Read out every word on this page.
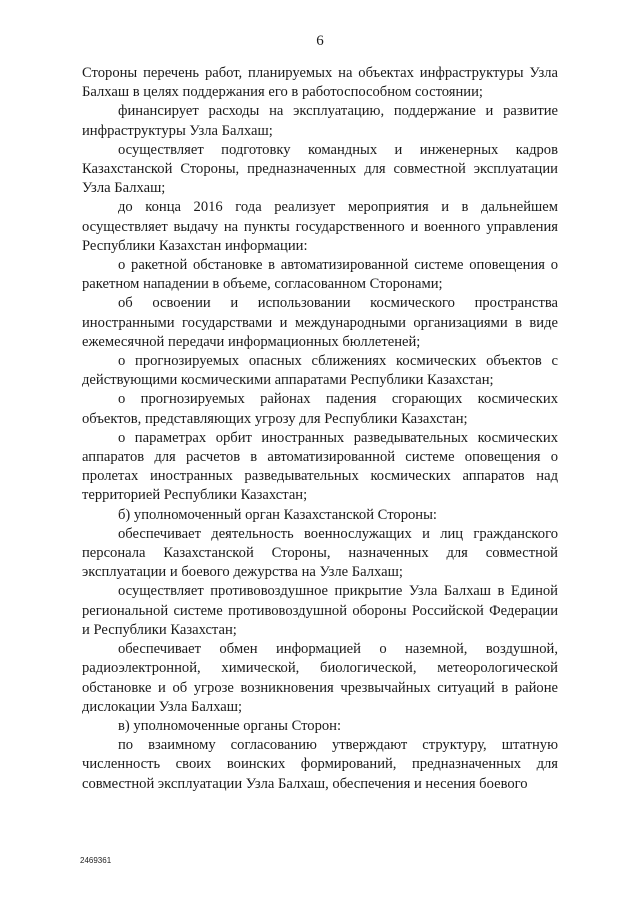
6

Стороны перечень работ, планируемых на объектах инфраструктуры Узла Балхаш в целях поддержания его в работоспособном состоянии;

финансирует расходы на эксплуатацию, поддержание и развитие инфраструктуры Узла Балхаш;

осуществляет подготовку командных и инженерных кадров Казахстанской Стороны, предназначенных для совместной эксплуатации Узла Балхаш;

до конца 2016 года реализует мероприятия и в дальнейшем осуществляет выдачу на пункты государственного и военного управления Республики Казахстан информации:

о ракетной обстановке в автоматизированной системе оповещения о ракетном нападении в объеме, согласованном Сторонами;

об освоении и использовании космического пространства иностранными государствами и международными организациями в виде ежемесячной передачи информационных бюллетеней;

о прогнозируемых опасных сближениях космических объектов с действующими космическими аппаратами Республики Казахстан;

о прогнозируемых районах падения сгорающих космических объектов, представляющих угрозу для Республики Казахстан;

о параметрах орбит иностранных разведывательных космических аппаратов для расчетов в автоматизированной системе оповещения о пролетах иностранных разведывательных космических аппаратов над территорией Республики Казахстан;

б) уполномоченный орган Казахстанской Стороны:

обеспечивает деятельность военнослужащих и лиц гражданского персонала Казахстанской Стороны, назначенных для совместной эксплуатации и боевого дежурства на Узле Балхаш;

осуществляет противовоздушное прикрытие Узла Балхаш в Единой региональной системе противовоздушной обороны Российской Федерации и Республики Казахстан;

обеспечивает обмен информацией о наземной, воздушной, радиоэлектронной, химической, биологической, метеорологической обстановке и об угрозе возникновения чрезвычайных ситуаций в районе дислокации Узла Балхаш;

в) уполномоченные органы Сторон:

по взаимному согласованию утверждают структуру, штатную численность своих воинских формирований, предназначенных для совместной эксплуатации Узла Балхаш, обеспечения и несения боевого

2469361
